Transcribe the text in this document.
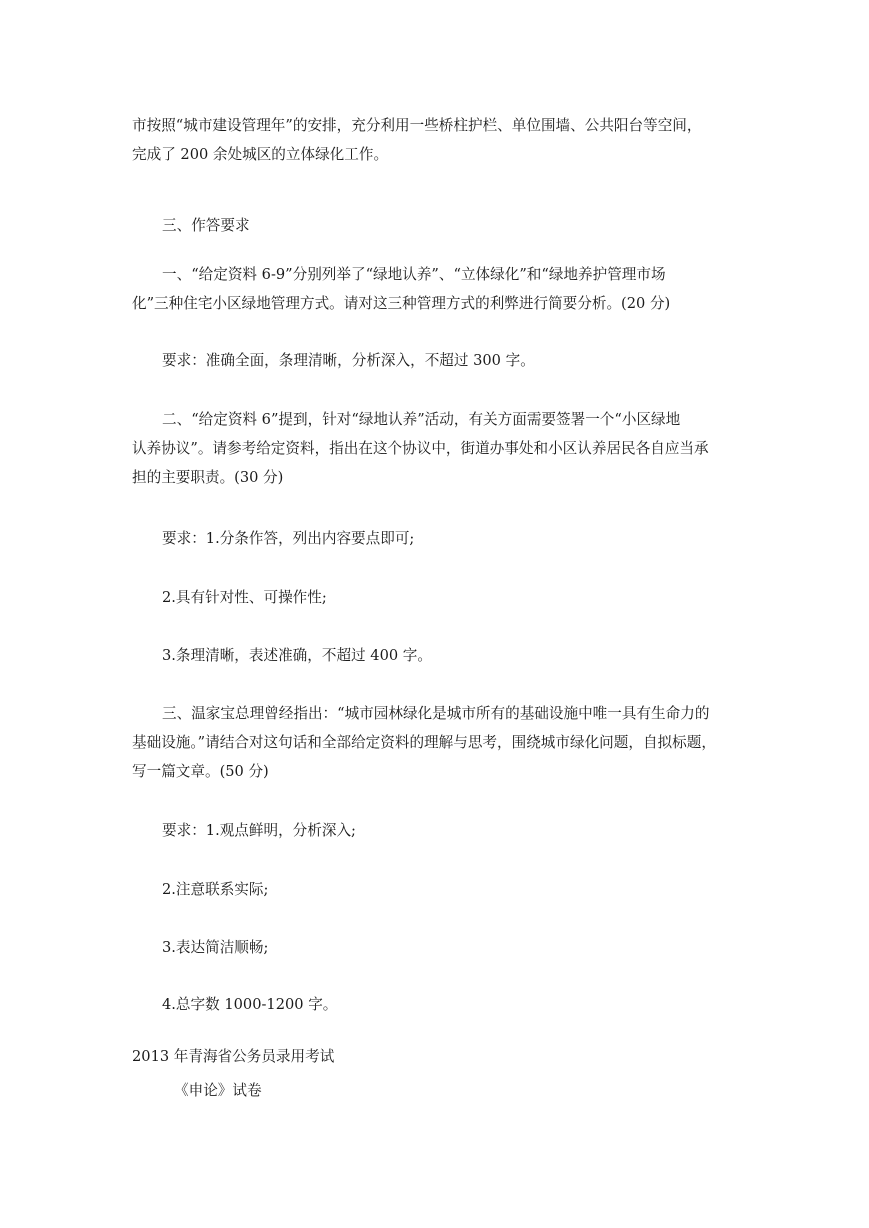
市按照“城市建设管理年”的安排，充分利用一些桥柱护栏、单位围墙、公共阳台等空间，
完成了 200 余处城区的立体绿化工作。

三、作答要求

一、“给定资料 6-9”分别列举了“绿地认养”、“立体绿化”和“绿地养护管理市场
化”三种住宅小区绿地管理方式。请对这三种管理方式的利弊进行简要分析。(20 分)

要求：准确全面，条理清晰，分析深入，不超过 300 字。

二、“给定资料 6”提到，针对“绿地认养”活动，有关方面需要签署一个“小区绿地
认养协议”。请参考给定资料，指出在这个协议中，街道办事处和小区认养居民各自应当承
担的主要职责。(30 分)

要求：1.分条作答，列出内容要点即可;

2.具有针对性、可操作性;

3.条理清晰，表述准确，不超过 400 字。

三、温家宝总理曾经指出：“城市园林绿化是城市所有的基础设施中唯一具有生命力的
基础设施。”请结合对这句话和全部给定资料的理解与思考，围绕城市绿化问题，自拟标题，
写一篇文章。(50 分)

要求：1.观点鲜明，分析深入;

2.注意联系实际;

3.表达简洁顺畅;

4.总字数 1000-1200 字。

2013 年青海省公务员录用考试

《申论》试卷
